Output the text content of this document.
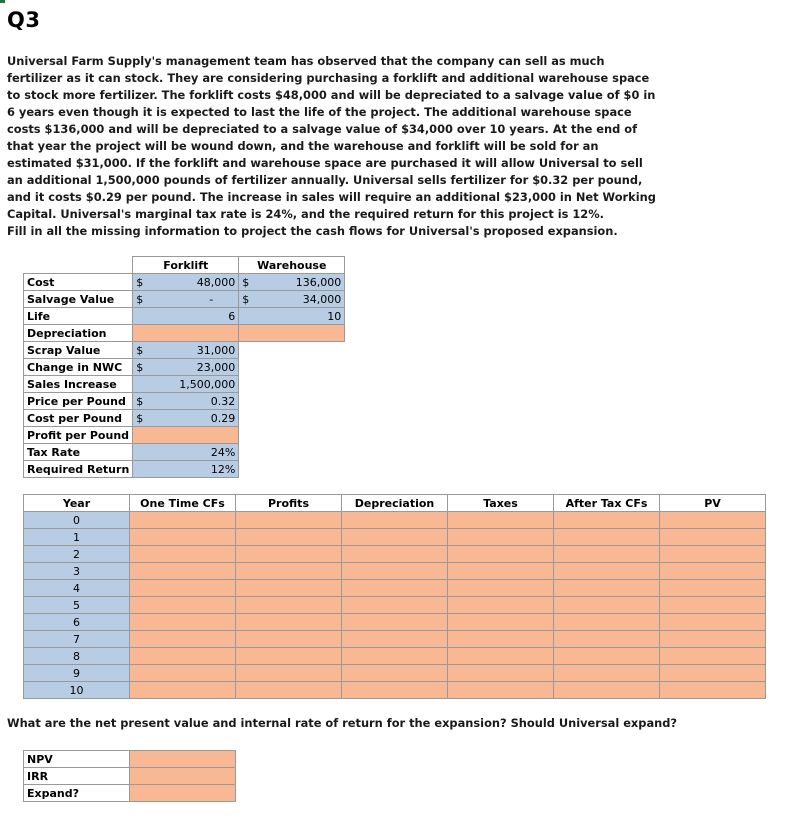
Q3
Universal Farm Supply's management team has observed that the company can sell as much fertilizer as it can stock. They are considering purchasing a forklift and additional warehouse space to stock more fertilizer. The forklift costs $48,000 and will be depreciated to a salvage value of $0 in 6 years even though it is expected to last the life of the project. The additional warehouse space costs $136,000 and will be depreciated to a salvage value of $34,000 over 10 years. At the end of that year the project will be wound down, and the warehouse and forklift will be sold for an estimated $31,000. If the forklift and warehouse space are purchased it will allow Universal to sell an additional 1,500,000 pounds of fertilizer annually. Universal sells fertilizer for $0.32 per pound, and it costs $0.29 per pound. The increase in sales will require an additional $23,000 in Net Working Capital. Universal's marginal tax rate is 24%, and the required return for this project is 12%.
Fill in all the missing information to project the cash flows for Universal's proposed expansion.
	Forklift	Warehouse
Cost	$ 48,000	$ 136,000

Salvage Value	$ -	$ 34,000

Life	6	10
Depreciation		
Scrap Value	$ 31,000	

Change in NWC	$ 23,000	

Sales Increase	1,500,000	
Price per Pound	$ 0.32	

Cost per Pound	$ 0.29	

Profit per Pound		
Tax Rate	24%	
Required Return	12%	
Year	One Time CFs	Profits	Depreciation	Taxes	After Tax CFs	PV
0						
1						
2						
3						
4						
5						
6						
7						
8						
9						
10						
What are the net present value and internal rate of return for the expansion? Should Universal expand?
NPV	
IRR	
Expand?	
